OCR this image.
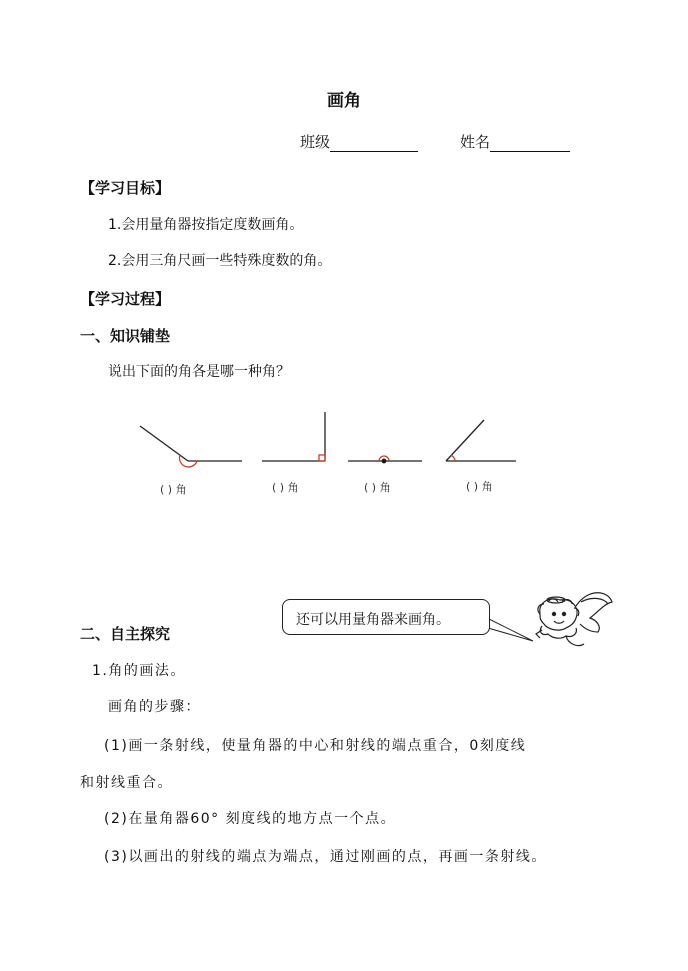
画角
班级	姓名
【学习目标】
1.会用量角器按指定度数画角。
2.会用三角尺画一些特殊度数的角。
【学习过程】
一、知识铺垫
说出下面的角各是哪一种角？
( ) 角	( ) 角	( ) 角	( ) 角
还可以用量角器来画角。
二、自主探究
1.角的画法。
画角的步骤：
(1)画一条射线，使量角器的中心和射线的端点重合，0刻度线
和射线重合。
(2)在量角器60° 刻度线的地方点一个点。
(3)以画出的射线的端点为端点，通过刚画的点，再画一条射线。
